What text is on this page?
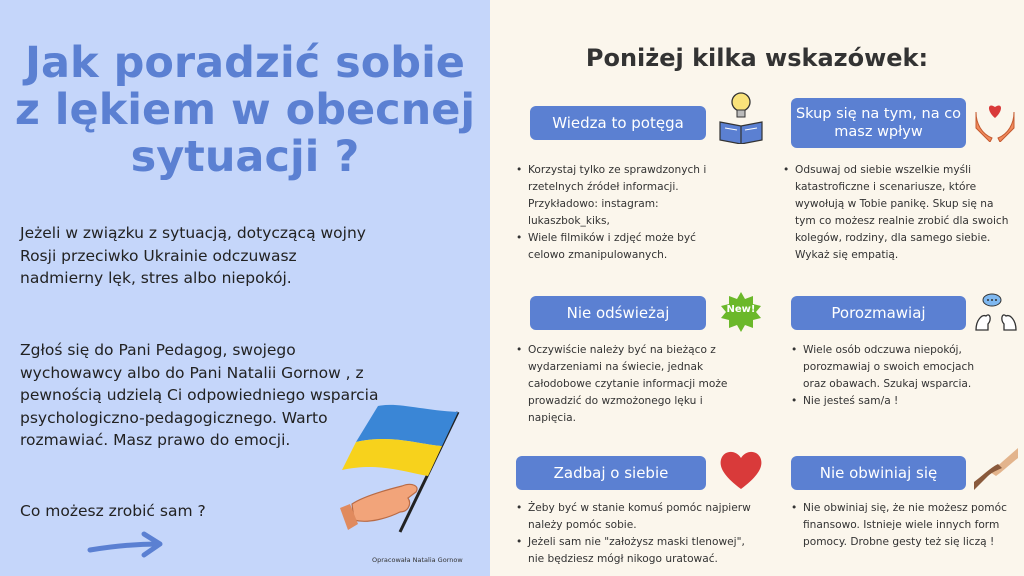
Jak poradzić sobie z lękiem w obecnej sytuacji ?

Jeżeli w związku z sytuacją, dotyczącą wojny Rosji przeciwko Ukrainie odczuwasz nadmierny lęk, stres albo niepokój.

Zgłoś się do Pani Pedagog, swojego wychowawcy albo do Pani Natalii Gornow , z pewnością udzielą Ci odpowiedniego wsparcia psychologiczno-pedagogicznego. Warto rozmawiać. Masz prawo do emocji.

Co możesz zrobić sam ?

Opracowała Natalia Gornow
Poniżej kilka wskazówek:
Wiedza to potęga
• Korzystaj tylko ze sprawdzonych i rzetelnych źródeł informacji. Przykładowo: instagram: lukaszbok_kiks,
• Wiele filmików i zdjęć może być celowo zmanipulowanych.
Skup się na tym, na co masz wpływ
• Odsuwaj od siebie wszelkie myśli katastroficzne i scenariusze, które wywołują w Tobie panikę. Skup się na tym co możesz realnie zrobić dla swoich kolegów, rodziny, dla samego siebie. Wykaż się empatią.
Nie odświeżaj	New!
• Oczywiście należy być na bieżąco z wydarzeniami na świecie, jednak całodobowe czytanie informacji może prowadzić do wzmożonego lęku i napięcia.
Porozmawiaj
• Wiele osób odczuwa niepokój, porozmawiaj o swoich emocjach oraz obawach. Szukaj wsparcia.
• Nie jesteś sam/a !
Zadbaj o siebie
• Żeby być w stanie komuś pomóc najpierw należy pomóc sobie.
• Jeżeli sam nie "założysz maski tlenowej", nie będziesz mógł nikogo uratować.
Nie obwiniaj się
• Nie obwiniaj się, że nie możesz pomóc finansowo. Istnieje wiele innych form pomocy. Drobne gesty też się liczą !
